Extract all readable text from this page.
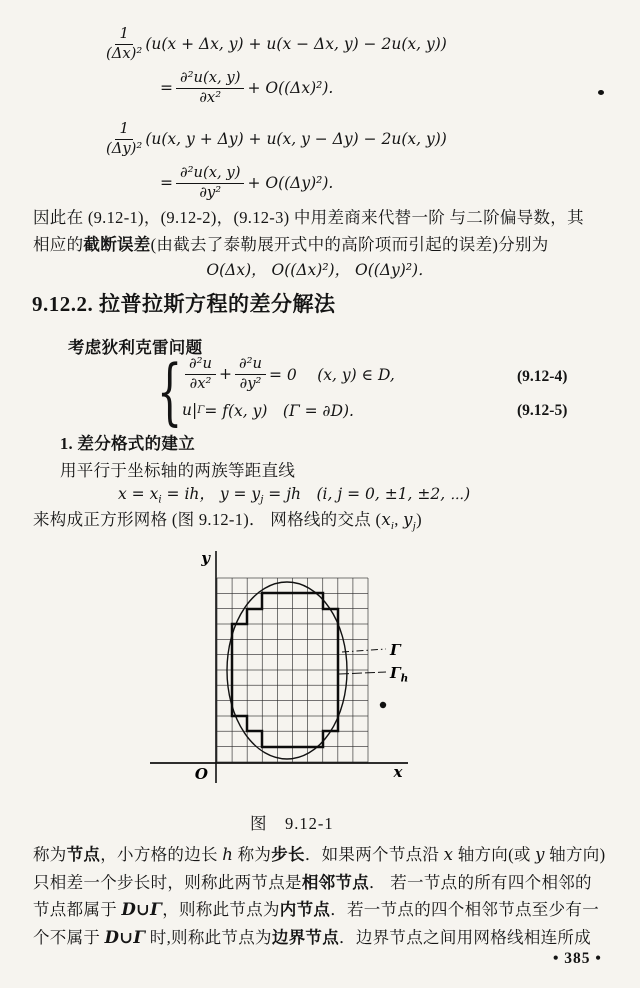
$\frac{1}{\text{(Δx)²}} (u(x + \Delta x$, y) + u(x − Δx, y) − 2u(x, y))
= $\frac{\text{∂²u(x, y)}}{\text{∂x²}} + O((\Delta x)^2)$.
$\frac{1}{\text{(Δy)²}} (u(x$, y + Δy) + u(x, y − Δy) − 2u(x, y))
= $\frac{\text{∂²u(x, y)}}{\text{∂y²}} + O((\Delta y)^2)$.
因此在 (9.12-1)，(9.12-2)，(9.12-3) 中用差商来代替一阶 与二阶偏导数，其
相应的截断误差(由截去了泰勒展开式中的高阶项而引起的误差)分别为
O(Δx)， O((Δx)²)， O((Δy)²)．
9.12.2. 拉普拉斯方程的差分解法
考虑狄利克雷问题
{ $\frac{\text{∂²u}}{\text{∂x²}} + \frac{\text{∂²u}}{\text{∂y²}} = 0$　 (x, y) ∈ D,	(9.12-4)
u| Γ = f(x, y)　(Γ = ∂D).	(9.12-5)
1. 差分格式的建立
用平行于坐标轴的两族等距直线
$x = x_i$ = ih， $y = y_j$ = jh　(i, j = 0, ±1, ±2, ⋯)
来构成正方形网格 (图 9.12-1)． 网格线的交点 ($x_i$, $y_j$)
y
x
O
Γ
$\Gamma_h$
图　9.12-1
称为节点，小方格的边长 h 称为步长．如果两个节点沿 x 轴方向(或 y 轴方向)
只相差一个步长时，则称此两节点是相邻节点． 若一节点的所有四个相邻的
节点都属于 D∪Γ，则称此节点为内节点．若一节点的四个相邻节点至少有一
个不属于 D∪Γ 时,则称此节点为边界节点．边界节点之间用网格线相连所成
• 385 •
